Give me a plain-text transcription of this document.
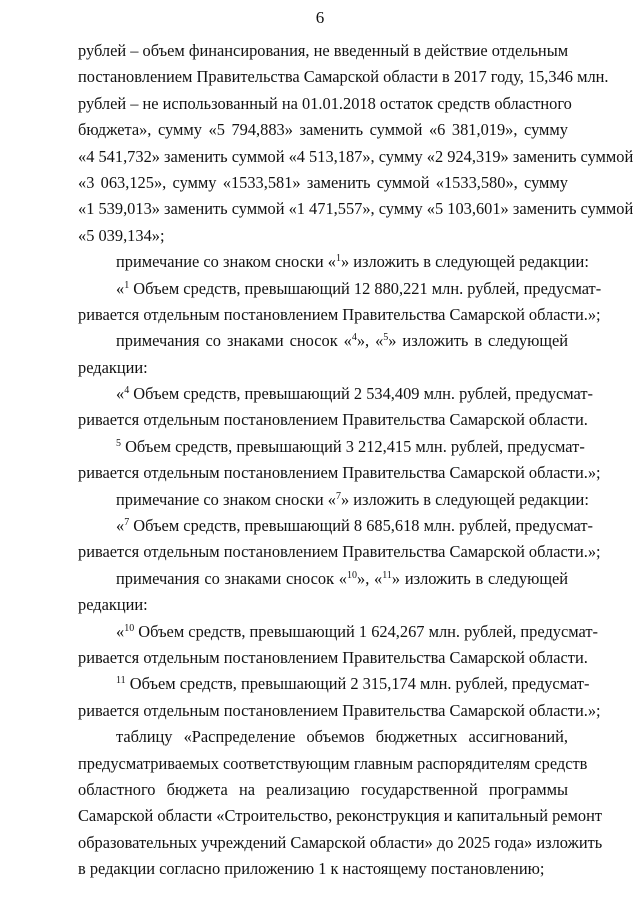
6
рублей – объем финансирования, не введенный в действие отдельным
постановлением Правительства Самарской области в 2017 году, 15,346 млн.
рублей – не использованный на 01.01.2018 остаток средств областного
бюджета», сумму «5 794,883» заменить суммой «6 381,019», сумму
«4 541,732» заменить суммой «4 513,187», сумму «2 924,319» заменить суммой
«3 063,125», сумму «1533,581» заменить суммой «1533,580», сумму
«1 539,013» заменить суммой «1 471,557», сумму «5 103,601» заменить суммой
«5 039,134»;
примечание со знаком сноски «$^1$» изложить в следующей редакции:
«$^1$ Объем средств, превышающий 12 880,221 млн. рублей, предусмат-
ривается отдельным постановлением Правительства Самарской области.»;
примечания со знаками сносок «$^4$», «$^5$» изложить в следующей
редакции:
«$^4$ Объем средств, превышающий 2 534,409 млн. рублей, предусмат-
ривается отдельным постановлением Правительства Самарской области.
$^5$ Объем средств, превышающий 3 212,415 млн. рублей, предусмат-
ривается отдельным постановлением Правительства Самарской области.»;
примечание со знаком сноски «$^7$» изложить в следующей редакции:
«$^7$ Объем средств, превышающий 8 685,618 млн. рублей, предусмат-
ривается отдельным постановлением Правительства Самарской области.»;
примечания со знаками сносок «$^{10}$», «$^{11}$» изложить в следующей
редакции:
«$^{10}$ Объем средств, превышающий 1 624,267 млн. рублей, предусмат-
ривается отдельным постановлением Правительства Самарской области.
$^{11}$ Объем средств, превышающий 2 315,174 млн. рублей, предусмат-
ривается отдельным постановлением Правительства Самарской области.»;
таблицу «Распределение объемов бюджетных ассигнований,
предусматриваемых соответствующим главным распорядителям средств
областного бюджета на реализацию государственной программы
Самарской области «Строительство, реконструкция и капитальный ремонт
образовательных учреждений Самарской области» до 2025 года» изложить
в редакции согласно приложению 1 к настоящему постановлению;
